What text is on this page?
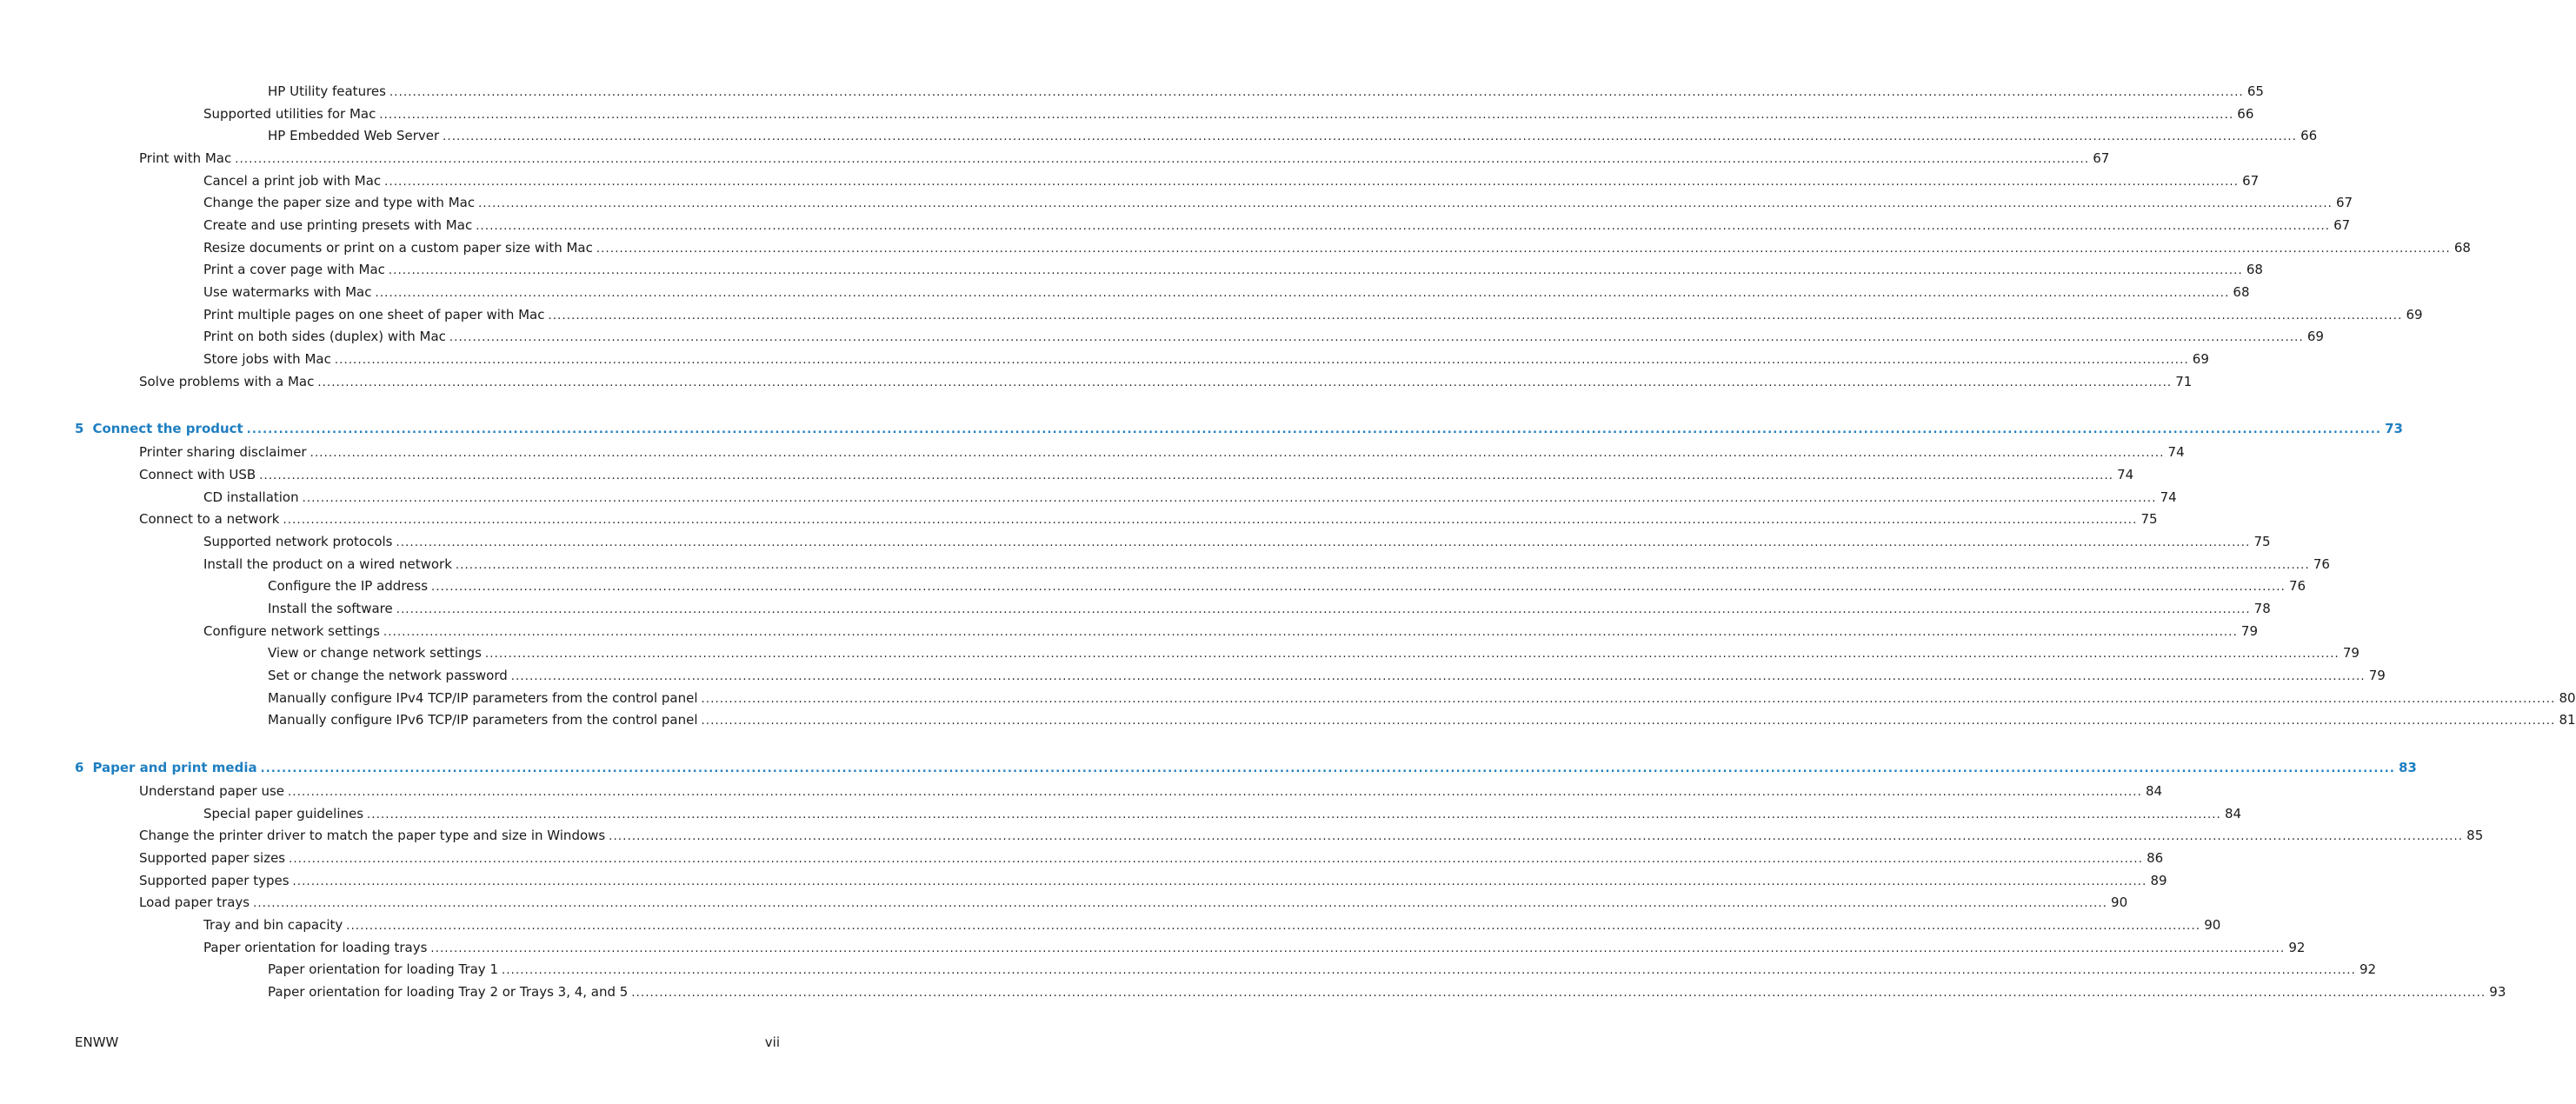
HP Utility features ................................................................................................................................................................................................................................................................................................................................................................................................................ 65
Supported utilities for Mac ................................................................................................................................................................................................................................................................................................................................................................................................................ 66
HP Embedded Web Server ................................................................................................................................................................................................................................................................................................................................................................................................................ 66
Print with Mac ................................................................................................................................................................................................................................................................................................................................................................................................................ 67
Cancel a print job with Mac ................................................................................................................................................................................................................................................................................................................................................................................................................ 67
Change the paper size and type with Mac ................................................................................................................................................................................................................................................................................................................................................................................................................ 67
Create and use printing presets with Mac ................................................................................................................................................................................................................................................................................................................................................................................................................ 67
Resize documents or print on a custom paper size with Mac ................................................................................................................................................................................................................................................................................................................................................................................................................ 68
Print a cover page with Mac ................................................................................................................................................................................................................................................................................................................................................................................................................ 68
Use watermarks with Mac ................................................................................................................................................................................................................................................................................................................................................................................................................ 68
Print multiple pages on one sheet of paper with Mac ................................................................................................................................................................................................................................................................................................................................................................................................................ 69
Print on both sides (duplex) with Mac ................................................................................................................................................................................................................................................................................................................................................................................................................ 69
Store jobs with Mac ................................................................................................................................................................................................................................................................................................................................................................................................................ 69
Solve problems with a Mac ................................................................................................................................................................................................................................................................................................................................................................................................................ 71
5 Connect the product ................................................................................................................................................................................................................................................................................................................................................................................................................ 73
Printer sharing disclaimer ................................................................................................................................................................................................................................................................................................................................................................................................................ 74
Connect with USB ................................................................................................................................................................................................................................................................................................................................................................................................................ 74
CD installation ................................................................................................................................................................................................................................................................................................................................................................................................................ 74
Connect to a network ................................................................................................................................................................................................................................................................................................................................................................................................................ 75
Supported network protocols ................................................................................................................................................................................................................................................................................................................................................................................................................ 75
Install the product on a wired network ................................................................................................................................................................................................................................................................................................................................................................................................................ 76
Configure the IP address ................................................................................................................................................................................................................................................................................................................................................................................................................ 76
Install the software ................................................................................................................................................................................................................................................................................................................................................................................................................ 78
Configure network settings ................................................................................................................................................................................................................................................................................................................................................................................................................ 79
View or change network settings ................................................................................................................................................................................................................................................................................................................................................................................................................ 79
Set or change the network password ................................................................................................................................................................................................................................................................................................................................................................................................................ 79
Manually configure IPv4 TCP/IP parameters from the control panel ................................................................................................................................................................................................................................................................................................................................................................................................................ 80
Manually configure IPv6 TCP/IP parameters from the control panel ................................................................................................................................................................................................................................................................................................................................................................................................................ 81
6 Paper and print media ................................................................................................................................................................................................................................................................................................................................................................................................................ 83
Understand paper use ................................................................................................................................................................................................................................................................................................................................................................................................................ 84
Special paper guidelines ................................................................................................................................................................................................................................................................................................................................................................................................................ 84
Change the printer driver to match the paper type and size in Windows ................................................................................................................................................................................................................................................................................................................................................................................................................ 85
Supported paper sizes ................................................................................................................................................................................................................................................................................................................................................................................................................ 86
Supported paper types ................................................................................................................................................................................................................................................................................................................................................................................................................ 89
Load paper trays ................................................................................................................................................................................................................................................................................................................................................................................................................ 90
Tray and bin capacity ................................................................................................................................................................................................................................................................................................................................................................................................................ 90
Paper orientation for loading trays ................................................................................................................................................................................................................................................................................................................................................................................................................ 92
Paper orientation for loading Tray 1 ................................................................................................................................................................................................................................................................................................................................................................................................................ 92
Paper orientation for loading Tray 2 or Trays 3, 4, and 5 ................................................................................................................................................................................................................................................................................................................................................................................................................ 93
ENWW	vii
